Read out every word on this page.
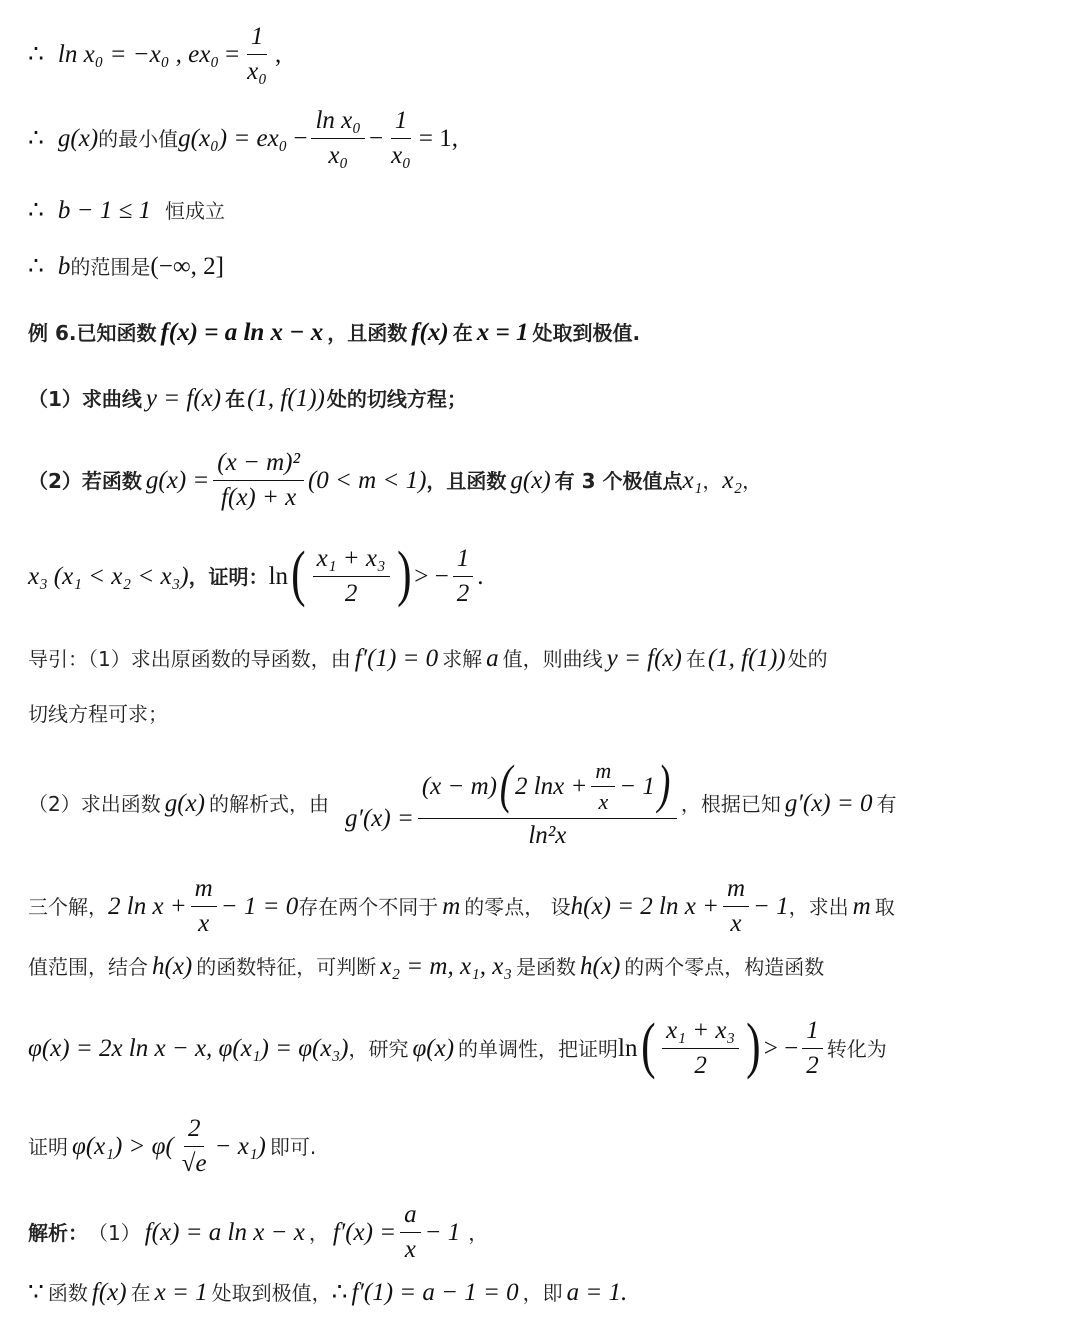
∴ ln x₀ = −x₀ , e $x_0 = \frac{1}{\text{x₀}}$ ,
∴ g(x) 的最小值 g(x₀) = e $x_0 - \frac{\text{ln x₀}}{\text{x₀}} - \frac{1}{\text{x₀}} = 1$,
∴ b − 1 ≤ 1 恒成立
∴ b 的范围是 (−∞, 2]
例 6. 已知函数 f(x) = a ln x − x ，且函数 f(x) 在 x = 1 处取到极值.
（1） 求曲线 y = f(x) 在 (1, f(1)) 处的切线方程；
（2） 若函数 $g(x) = \frac{\text{(x − m)²}}{f(x) + x} (0 < m < 1)$ ，且函数 g(x) 有 3 个极值点 x₁ ， x₂ ，
x₃ (x₁ < x₂ < x₃) ，证明： ln ( $\frac{\text{x₁ + x₃}}{2}$ ) > − $\frac{1}{2}$ .
导引：（1）求出原函数的导函数，由 f′(1) = 0 求解 a 值，则曲线 y = f(x) 在 (1, f(1)) 处的
切线方程可求；
（2）求出函数 g(x) 的解析式，由
g′(x) =
(x − m) ( 2 $\ln x + \frac{m}{x} - 1$ )
ln²x
，根据已知 g′(x) = 0 有
三个解， 2 $\ln x + \frac{m}{x} - 1 = 0$ 存在两个不同于 m 的零点， 设 h(x) = 2 $\ln x + \frac{m}{x} - 1$ ，求出 m 取
值范围，结合 h(x) 的函数特征，可判断 x₂ = m, x₁, x₃ 是函数 h(x) 的两个零点，构造函数
φ(x) = 2x ln x − x, φ(x₁) = φ(x₃) ，研究 φ(x) 的单调性，把证明 ln ( $\frac{\text{x₁ + x₃}}{2}$ ) > − $\frac{1}{2}$ 转化为
证明 $\varphi(x_1) > \varphi( \frac{2}{√e} - x_1)$ 即可.
解析： （1） f(x) = a ln x − x ， $f'(x) = \frac{a}{x} - 1$ ，
∵ 函数 f(x) 在 x = 1 处取到极值， ∴ f′(1) = a − 1 = 0 ，即 a = 1.
